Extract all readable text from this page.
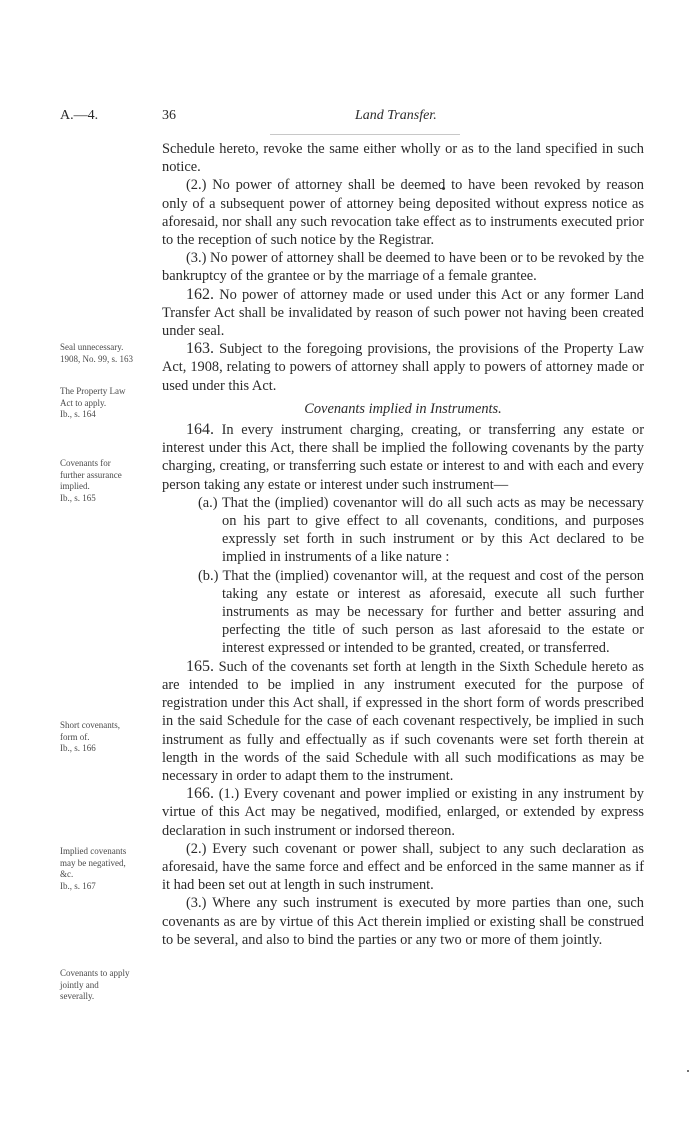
A.—4.	36	Land Transfer.
Seal unnecessary.
1908, No. 99, s. 163
The Property Law
Act to apply.
Ib., s. 164
Covenants for
further assurance
implied.
Ib., s. 165
Short covenants,
form of.
Ib., s. 166
Implied covenants
may be negatived,
&c.
Ib., s. 167
Covenants to apply
jointly and
severally.

Schedule hereto, revoke the same either wholly or as to the land specified in such notice.

(2.) No power of attorney shall be deemed to have been revoked by reason only of a subsequent power of attorney being deposited without express notice as aforesaid, nor shall any such revocation take effect as to instruments executed prior to the reception of such notice by the Registrar.

(3.) No power of attorney shall be deemed to have been or to be revoked by the bankruptcy of the grantee or by the marriage of a female grantee.

162. No power of attorney made or used under this Act or any former Land Transfer Act shall be invalidated by reason of such power not having been created under seal.

163. Subject to the foregoing provisions, the provisions of the Property Law Act, 1908, relating to powers of attorney shall apply to powers of attorney made or used under this Act.

Covenants implied in Instruments.

164. In every instrument charging, creating, or transferring any estate or interest under this Act, there shall be implied the following covenants by the party charging, creating, or transferring such estate or interest to and with each and every person taking any estate or interest under such instrument—

(a.) That the (implied) covenantor will do all such acts as may be necessary on his part to give effect to all covenants, conditions, and purposes expressly set forth in such instrument or by this Act declared to be implied in instruments of a like nature :

(b.) That the (implied) covenantor will, at the request and cost of the person taking any estate or interest as aforesaid, execute all such further instruments as may be necessary for further and better assuring and perfecting the title of such person as last aforesaid to the estate or interest expressed or intended to be granted, created, or transferred.

165. Such of the covenants set forth at length in the Sixth Schedule hereto as are intended to be implied in any instrument executed for the purpose of registration under this Act shall, if expressed in the short form of words prescribed in the said Schedule for the case of each covenant respectively, be implied in such instrument as fully and effectually as if such covenants were set forth therein at length in the words of the said Schedule with all such modifications as may be necessary in order to adapt them to the instrument.

166. (1.) Every covenant and power implied or existing in any instrument by virtue of this Act may be negatived, modified, enlarged, or extended by express declaration in such instrument or indorsed thereon.

(2.) Every such covenant or power shall, subject to any such declaration as aforesaid, have the same force and effect and be enforced in the same manner as if it had been set out at length in such instrument.

(3.) Where any such instrument is executed by more parties than one, such covenants as are by virtue of this Act therein implied or existing shall be construed to be several, and also to bind the parties or any two or more of them jointly.
